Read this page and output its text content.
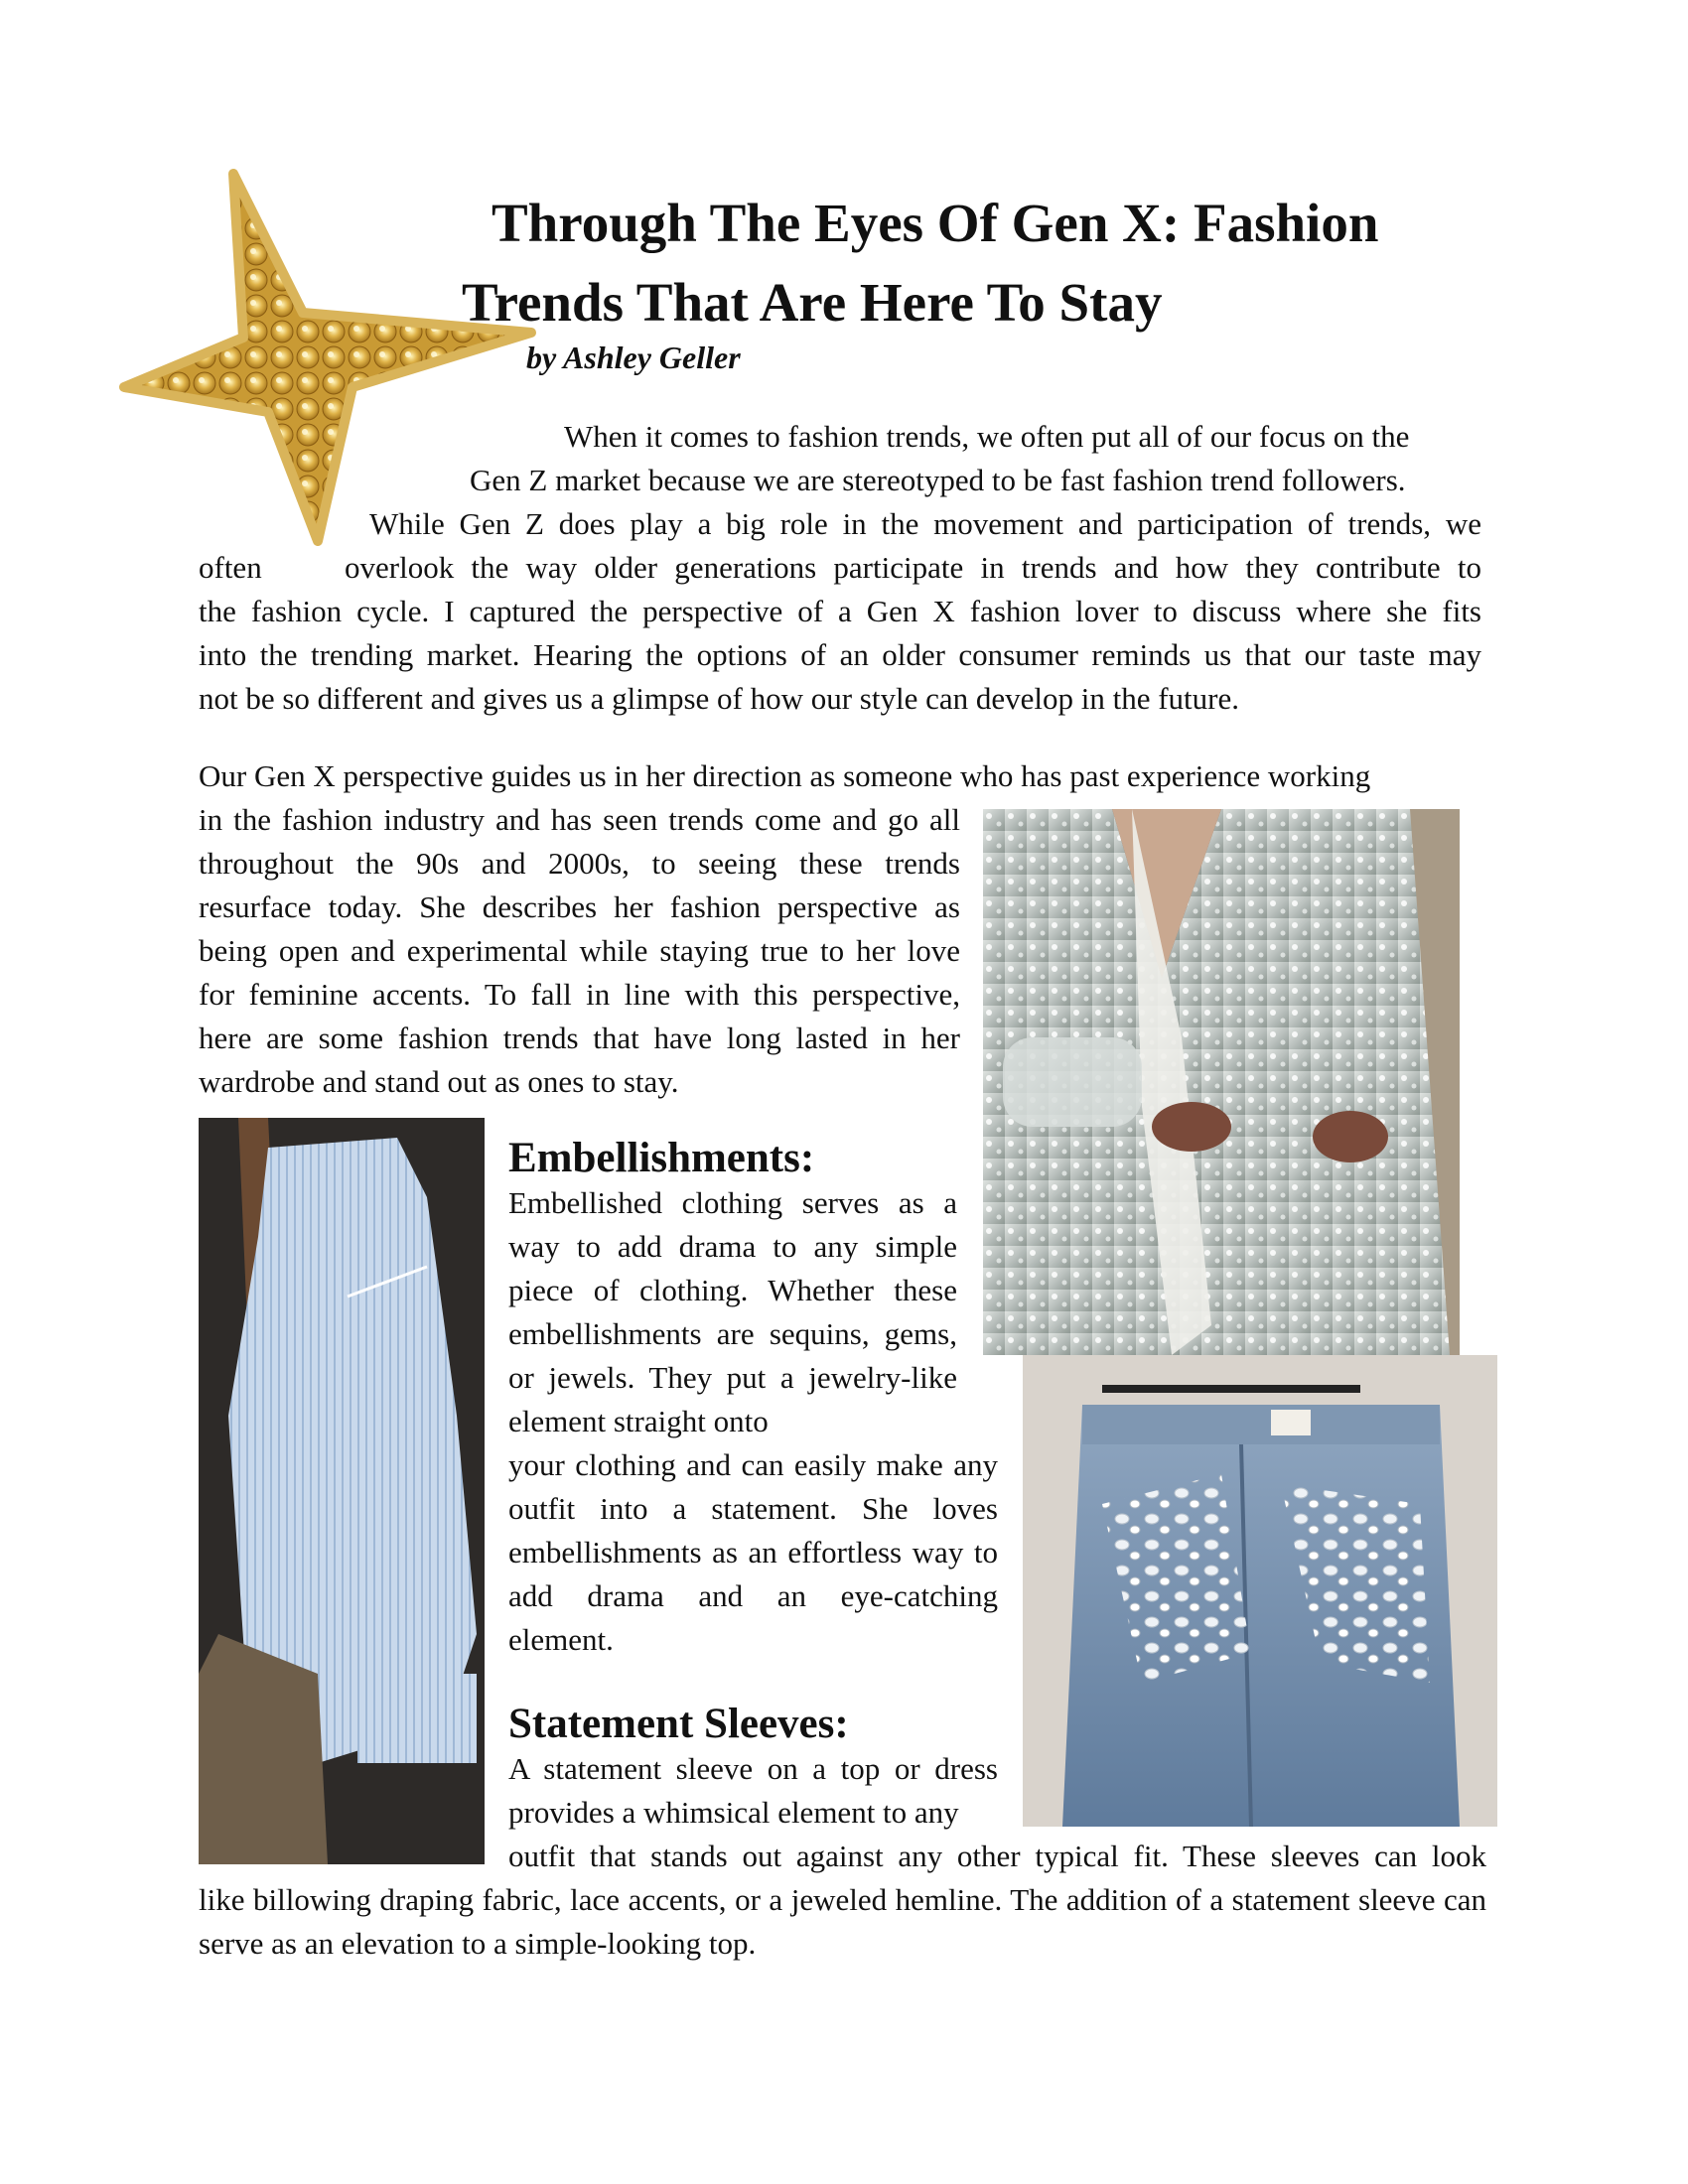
Through The Eyes Of Gen X: Fashion
Trends That Are Here To Stay
by Ashley Geller
When it comes to fashion trends, we often put all of our focus on the
Gen Z market because we are stereotyped to be fast fashion trend followers.
While Gen Z does play a big role in the movement and participation of trends, we
often	overlook the way older generations participate in trends and how they contribute to
the fashion cycle. I captured the perspective of a Gen X fashion lover to discuss where she fits
into the trending market. Hearing the options of an older consumer reminds us that our taste may
not be so different and gives us a glimpse of how our style can develop in the future.
Our Gen X perspective guides us in her direction as someone who has past experience working

in the fashion industry and has seen trends come and go all throughout the 90s and 2000s, to seeing these trends resurface today. She describes her fashion perspective as being open and experimental while staying true to her love for feminine accents. To fall in line with this perspective, here are some fashion trends that have long lasted in her wardrobe and stand out as ones to stay.

Embellishments:

Embellished clothing serves as a way to add drama to any simple piece of clothing. Whether these embellishments are sequins, gems, or jewels. They put a jewelry-like element straight onto

your clothing and can easily make any outfit into a statement. She loves embellishments as an effortless way to add drama and an eye-catching element.

Statement Sleeves:

A statement sleeve on a top or dress provides a whimsical element to any

outfit that stands out against any other typical fit. These sleeves can look

like billowing draping fabric, lace accents, or a jeweled hemline. The addition of a statement sleeve can serve as an elevation to a simple-looking top.
